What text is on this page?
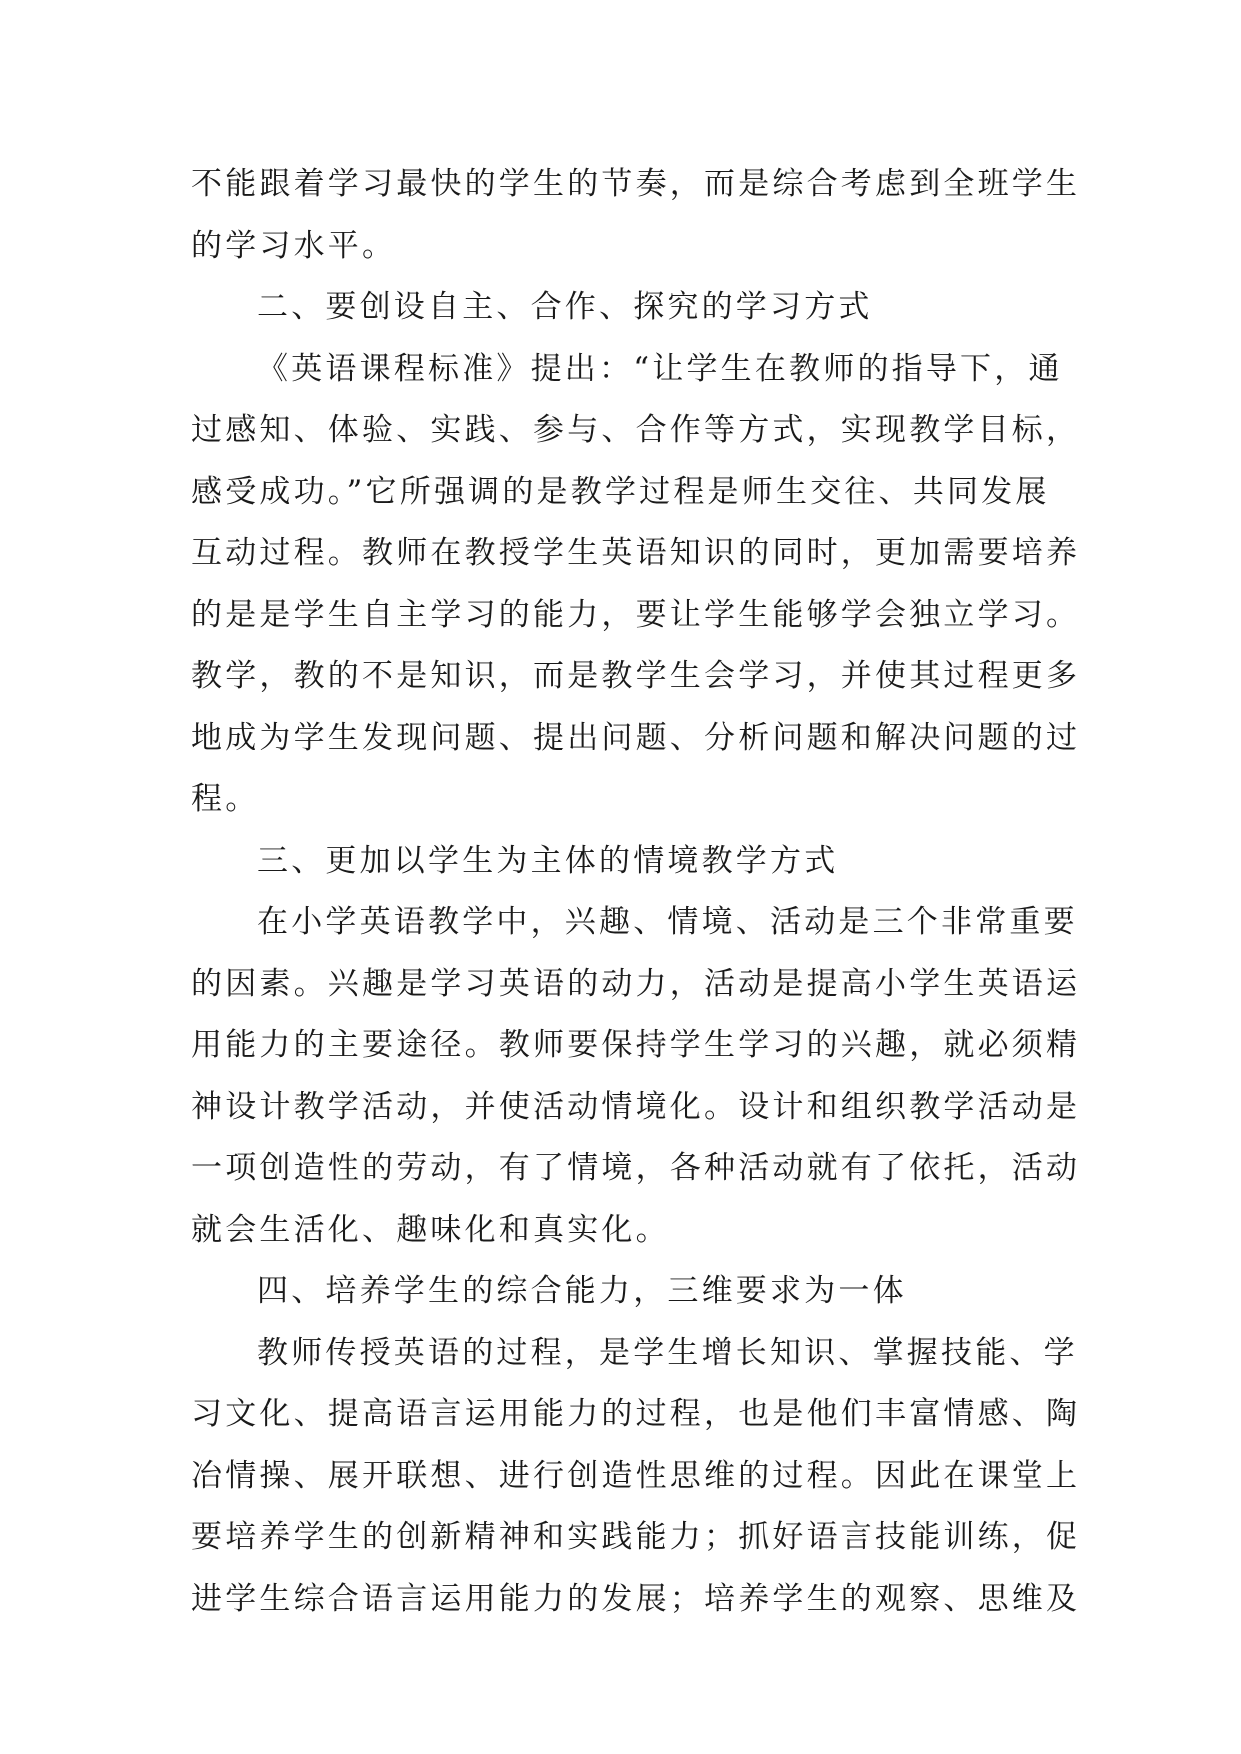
不能跟着学习最快的学生的节奏，而是综合考虑到全班学生
的学习水平。
二、要创设自主、合作、探究的学习方式
《英语课程标准》提出：“让学生在教师的指导下，通
过感知、体验、实践、参与、合作等方式，实现教学目标，
感受成功。”它所强调的是教学过程是师生交往、共同发展
互动过程。教师在教授学生英语知识的同时，更加需要培养
的是是学生自主学习的能力，要让学生能够学会独立学习。
教学，教的不是知识，而是教学生会学习，并使其过程更多
地成为学生发现问题、提出问题、分析问题和解决问题的过
程。
三、更加以学生为主体的情境教学方式
在小学英语教学中，兴趣、情境、活动是三个非常重要
的因素。兴趣是学习英语的动力，活动是提高小学生英语运
用能力的主要途径。教师要保持学生学习的兴趣，就必须精
神设计教学活动，并使活动情境化。设计和组织教学活动是
一项创造性的劳动，有了情境，各种活动就有了依托，活动
就会生活化、趣味化和真实化。
四、培养学生的综合能力，三维要求为一体
教师传授英语的过程，是学生增长知识、掌握技能、学
习文化、提高语言运用能力的过程，也是他们丰富情感、陶
冶情操、展开联想、进行创造性思维的过程。因此在课堂上
要培养学生的创新精神和实践能力；抓好语言技能训练，促
进学生综合语言运用能力的发展；培养学生的观察、思维及
